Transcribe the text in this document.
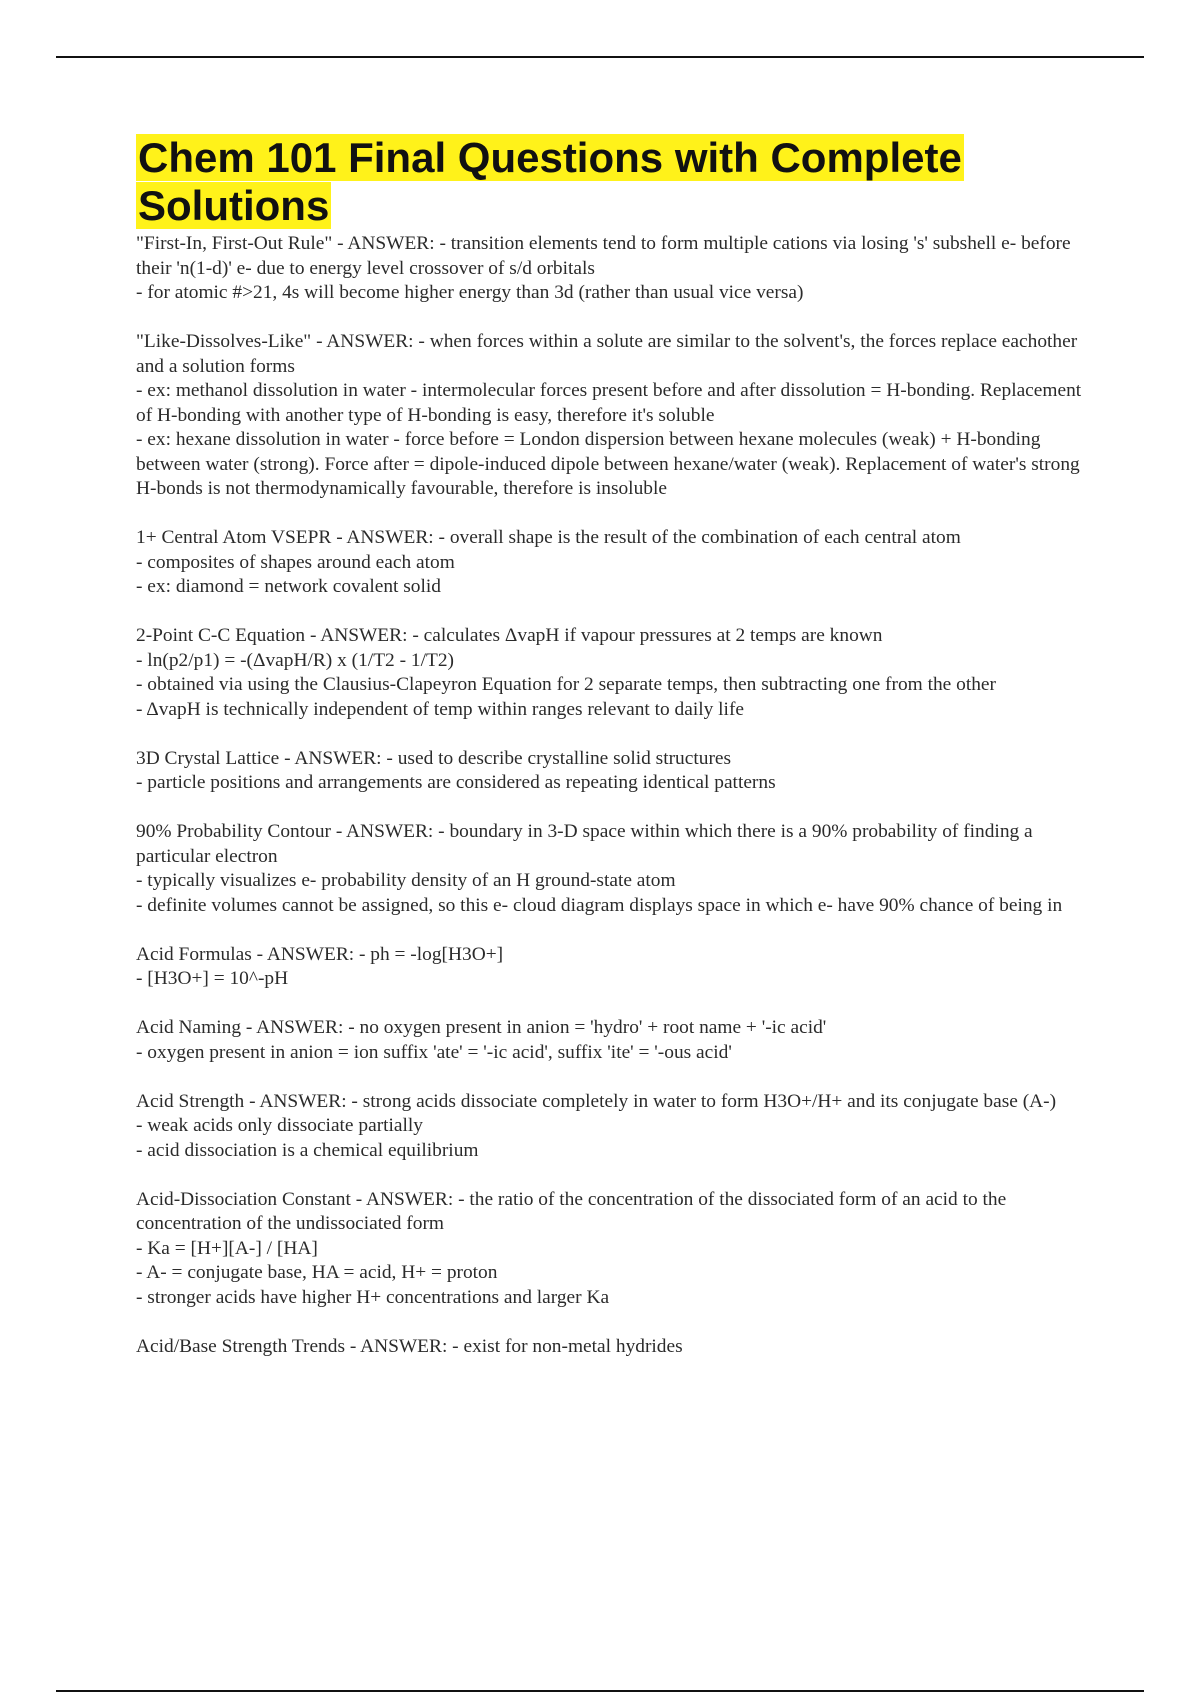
Chem 101 Final Questions with Complete Solutions

"First-In, First-Out Rule" - ANSWER: - transition elements tend to form multiple cations via losing 's' subshell e- before their 'n(1-d)' e- due to energy level crossover of s/d orbitals

- for atomic #>21, 4s will become higher energy than 3d (rather than usual vice versa)

"Like-Dissolves-Like" - ANSWER: - when forces within a solute are similar to the solvent's, the forces replace eachother and a solution forms

- ex: methanol dissolution in water - intermolecular forces present before and after dissolution = H-bonding. Replacement of H-bonding with another type of H-bonding is easy, therefore it's soluble

- ex: hexane dissolution in water - force before = London dispersion between hexane molecules (weak) + H-bonding between water (strong). Force after = dipole-induced dipole between hexane/water (weak). Replacement of water's strong H-bonds is not thermodynamically favourable, therefore is insoluble

1+ Central Atom VSEPR - ANSWER: - overall shape is the result of the combination of each central atom

- composites of shapes around each atom

- ex: diamond = network covalent solid

2-Point C-C Equation - ANSWER: - calculates ΔvapH if vapour pressures at 2 temps are known

- ln(p2/p1) = -(ΔvapH/R) x (1/T2 - 1/T2)

- obtained via using the Clausius-Clapeyron Equation for 2 separate temps, then subtracting one from the other

- ΔvapH is technically independent of temp within ranges relevant to daily life

3D Crystal Lattice - ANSWER: - used to describe crystalline solid structures

- particle positions and arrangements are considered as repeating identical patterns

90% Probability Contour - ANSWER: - boundary in 3-D space within which there is a 90% probability of finding a particular electron

- typically visualizes e- probability density of an H ground-state atom

- definite volumes cannot be assigned, so this e- cloud diagram displays space in which e- have 90% chance of being in

Acid Formulas - ANSWER: - ph = -log[H3O+]

- [H3O+] = 10^-pH

Acid Naming - ANSWER: - no oxygen present in anion = 'hydro' + root name + '-ic acid'

- oxygen present in anion = ion suffix 'ate' = '-ic acid', suffix 'ite' = '-ous acid'

Acid Strength - ANSWER: - strong acids dissociate completely in water to form H3O+/H+ and its conjugate base (A-)

- weak acids only dissociate partially

- acid dissociation is a chemical equilibrium

Acid-Dissociation Constant - ANSWER: - the ratio of the concentration of the dissociated form of an acid to the concentration of the undissociated form

- Ka = [H+][A-] / [HA]

- A- = conjugate base, HA = acid, H+ = proton

- stronger acids have higher H+ concentrations and larger Ka

Acid/Base Strength Trends - ANSWER: - exist for non-metal hydrides
